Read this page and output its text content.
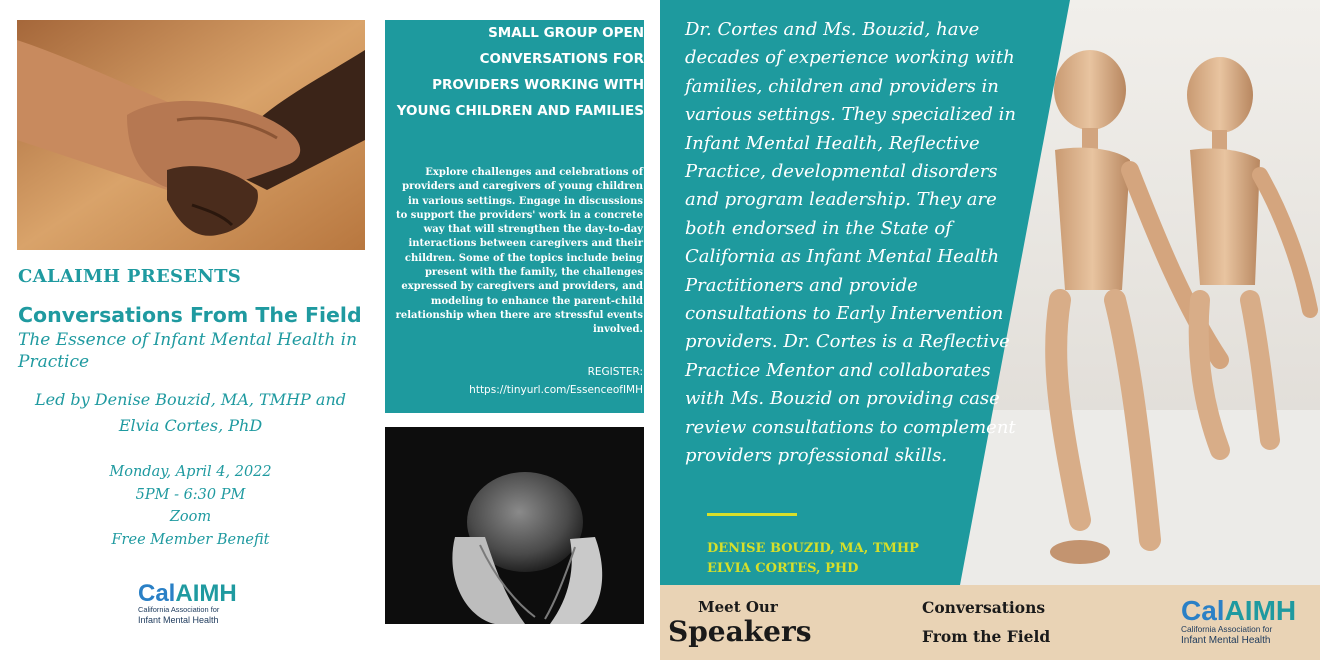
CALAIMH PRESENTS
Conversations From The Field
The Essence of Infant Mental Health in Practice
Led by Denise Bouzid, MA, TMHP and
Elvia Cortes, PhD
Monday, April 4, 2022
5PM - 6:30 PM
Zoom
Free Member Benefit
CalAIMH
California Association for
Infant Mental Health
SMALL GROUP OPEN CONVERSATIONS FOR PROVIDERS WORKING WITH YOUNG CHILDREN AND FAMILIES
Explore challenges and celebrations of providers and caregivers of young children in various settings. Engage in discussions to support the providers' work in a concrete way that will strengthen the day-to-day interactions between caregivers and their children. Some of the topics include being present with the family, the challenges expressed by caregivers and providers, and modeling to enhance the parent-child relationship when there are stressful events involved.
REGISTER:
https://tinyurl.com/EssenceofIMH
Dr. Cortes and Ms. Bouzid, have decades of experience working with families, children and providers in various settings. They specialized in Infant Mental Health, Reflective Practice, developmental disorders and program leadership. They are both endorsed in the State of California as Infant Mental Health Practitioners and provide consultations to Early Intervention providers. Dr. Cortes is a Reflective Practice Mentor and collaborates with Ms. Bouzid on providing case review consultations to complement providers professional skills.
DENISE BOUZID, MA, TMHP
ELVIA CORTES, PHD
Meet Our
Speakers
Conversations
From the Field
CalAIMH
California Association for
Infant Mental Health
